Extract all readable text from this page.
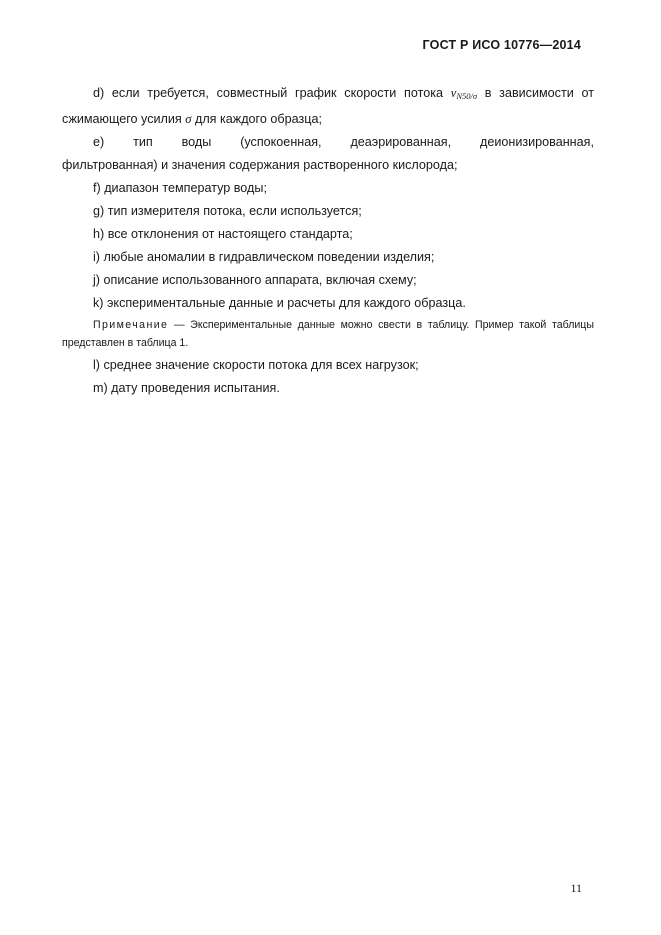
ГОСТ Р ИСО 10776—2014

d) если требуется, совместный график скорости потока $v_{N50/\sigma}$ в зависимости от сжимающего усилия σ для каждого образца;

e) тип воды (успокоенная, деаэрированная, деионизированная,

фильтрованная) и значения содержания растворенного кислорода;

f) диапазон температур воды;

g) тип измерителя потока, если используется;

h) все отклонения от настоящего стандарта;

i) любые аномалии в гидравлическом поведении изделия;

j) описание использованного аппарата, включая схему;

k) экспериментальные данные и расчеты для каждого образца.

Примечание — Экспериментальные данные можно свести в таблицу. Пример такой таблицы представлен в таблица 1.

l) среднее значение скорости потока для всех нагрузок;

m) дату проведения испытания.

11
